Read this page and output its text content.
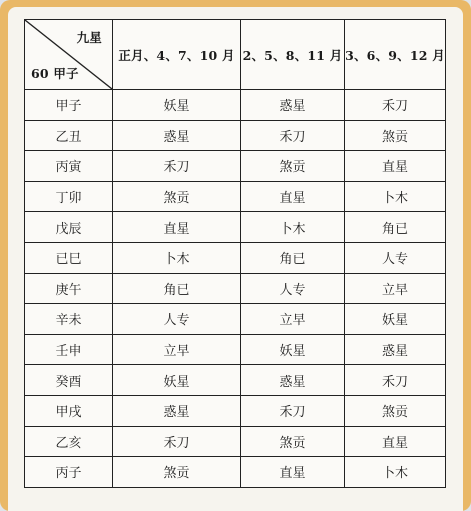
九星
60 甲子	正月、4、7、10 月	2、5、8、11 月	3、6、9、12 月
甲子	妖星	惑星	禾刀
乙丑	惑星	禾刀	煞贡
丙寅	禾刀	煞贡	直星
丁卯	煞贡	直星	卜木
戊辰	直星	卜木	角已
已巳	卜木	角已	人专
庚午	角已	人专	立早
辛未	人专	立早	妖星
壬申	立早	妖星	惑星
癸酉	妖星	惑星	禾刀
甲戌	惑星	禾刀	煞贡
乙亥	禾刀	煞贡	直星
丙子	煞贡	直星	卜木
